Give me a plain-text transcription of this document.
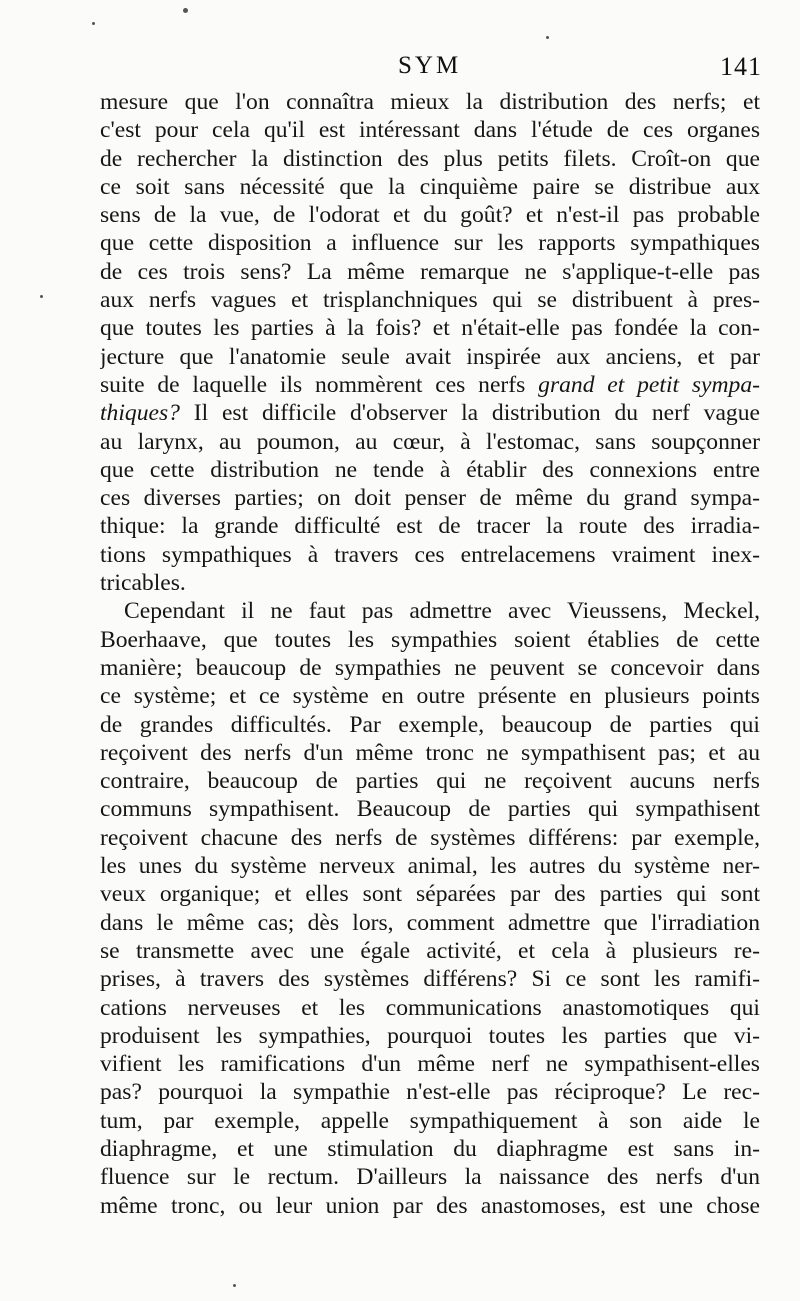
SYM	141
mesure que l'on connaîtra mieux la distribution des nerfs; et
c'est pour cela qu'il est intéressant dans l'étude de ces organes
de rechercher la distinction des plus petits filets. Croît-on que
ce soit sans nécessité que la cinquième paire se distribue aux
sens de la vue, de l'odorat et du goût? et n'est-il pas probable
que cette disposition a influence sur les rapports sympathiques
de ces trois sens? La même remarque ne s'applique-t-elle pas
aux nerfs vagues et trisplanchniques qui se distribuent à pres-
que toutes les parties à la fois? et n'était-elle pas fondée la con-
jecture que l'anatomie seule avait inspirée aux anciens, et par
suite de laquelle ils nommèrent ces nerfs grand et petit sympa-
thiques? Il est difficile d'observer la distribution du nerf vague
au larynx, au poumon, au cœur, à l'estomac, sans soupçonner
que cette distribution ne tende à établir des connexions entre
ces diverses parties; on doit penser de même du grand sympa-
thique: la grande difficulté est de tracer la route des irradia-
tions sympathiques à travers ces entrelacemens vraiment inex-
tricables.
Cependant il ne faut pas admettre avec Vieussens, Meckel,
Boerhaave, que toutes les sympathies soient établies de cette
manière; beaucoup de sympathies ne peuvent se concevoir dans
ce système; et ce système en outre présente en plusieurs points
de grandes difficultés. Par exemple, beaucoup de parties qui
reçoivent des nerfs d'un même tronc ne sympathisent pas; et au
contraire, beaucoup de parties qui ne reçoivent aucuns nerfs
communs sympathisent. Beaucoup de parties qui sympathisent
reçoivent chacune des nerfs de systèmes différens: par exemple,
les unes du système nerveux animal, les autres du système ner-
veux organique; et elles sont séparées par des parties qui sont
dans le même cas; dès lors, comment admettre que l'irradiation
se transmette avec une égale activité, et cela à plusieurs re-
prises, à travers des systèmes différens? Si ce sont les ramifi-
cations nerveuses et les communications anastomotiques qui
produisent les sympathies, pourquoi toutes les parties que vi-
vifient les ramifications d'un même nerf ne sympathisent-elles
pas? pourquoi la sympathie n'est-elle pas réciproque? Le rec-
tum, par exemple, appelle sympathiquement à son aide le
diaphragme, et une stimulation du diaphragme est sans in-
fluence sur le rectum. D'ailleurs la naissance des nerfs d'un
même tronc, ou leur union par des anastomoses, est une chose
